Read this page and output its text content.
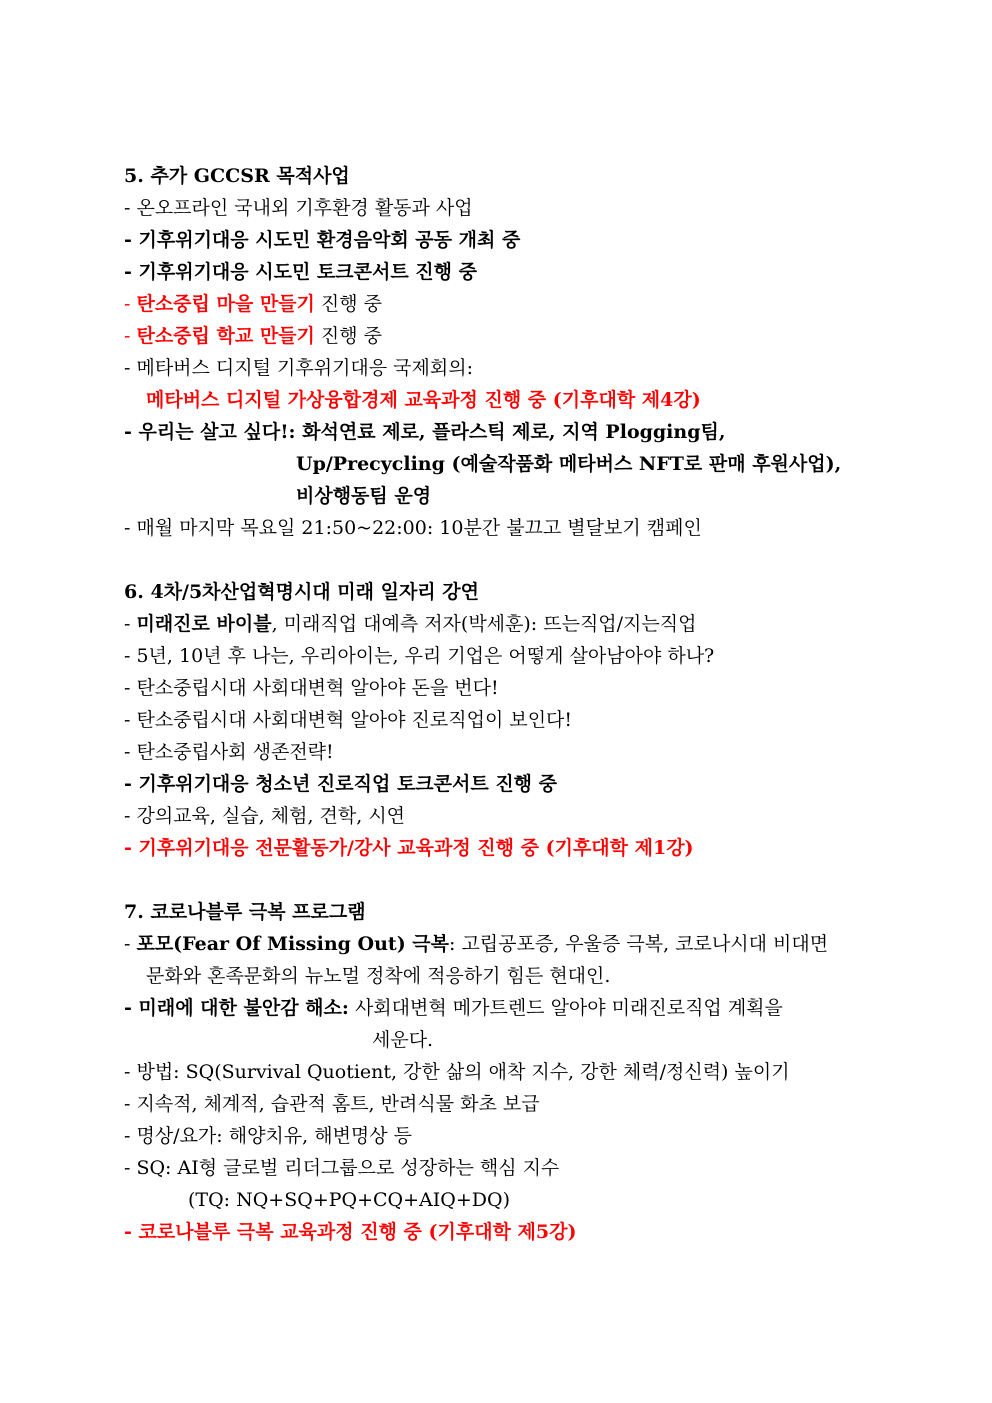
5. 추가 GCCSR 목적사업
- 온오프라인 국내외 기후환경 활동과 사업
- 기후위기대응 시도민 환경음악회 공동 개최 중
- 기후위기대응 시도민 토크콘서트 진행 중
- 탄소중립 마을 만들기 진행 중
- 탄소중립 학교 만들기 진행 중
- 메타버스 디지털 기후위기대응 국제회의:
메타버스 디지털 가상융합경제 교육과정 진행 중 (기후대학 제4강)
- 우리는 살고 싶다!: 화석연료 제로, 플라스틱 제로, 지역 Plogging팀,
Up/Precycling (예술작품화 메타버스 NFT로 판매 후원사업),
비상행동팀 운영
- 매월 마지막 목요일 21:50~22:00: 10분간 불끄고 별달보기 캠페인
6. 4차/5차산업혁명시대 미래 일자리 강연
- 미래진로 바이블, 미래직업 대예측 저자(박세훈): 뜨는직업/지는직업
- 5년, 10년 후 나는, 우리아이는, 우리 기업은 어떻게 살아남아야 하나?
- 탄소중립시대 사회대변혁 알아야 돈을 번다!
- 탄소중립시대 사회대변혁 알아야 진로직업이 보인다!
- 탄소중립사회 생존전략!
- 기후위기대응 청소년 진로직업 토크콘서트 진행 중
- 강의교육, 실습, 체험, 견학, 시연
- 기후위기대응 전문활동가/강사 교육과정 진행 중 (기후대학 제1강)
7. 코로나블루 극복 프로그램
- 포모(Fear Of Missing Out) 극복: 고립공포증, 우울증 극복, 코로나시대 비대면
문화와 혼족문화의 뉴노멀 정착에 적응하기 힘든 현대인.
- 미래에 대한 불안감 해소: 사회대변혁 메가트렌드 알아야 미래진로직업 계획을
세운다.
- 방법: SQ(Survival Quotient, 강한 삶의 애착 지수, 강한 체력/정신력) 높이기
- 지속적, 체계적, 습관적 홈트, 반려식물 화초 보급
- 명상/요가: 해양치유, 해변명상 등
- SQ: AI형 글로벌 리더그룹으로 성장하는 핵심 지수
(TQ: NQ+SQ+PQ+CQ+AIQ+DQ)
- 코로나블루 극복 교육과정 진행 중 (기후대학 제5강)
